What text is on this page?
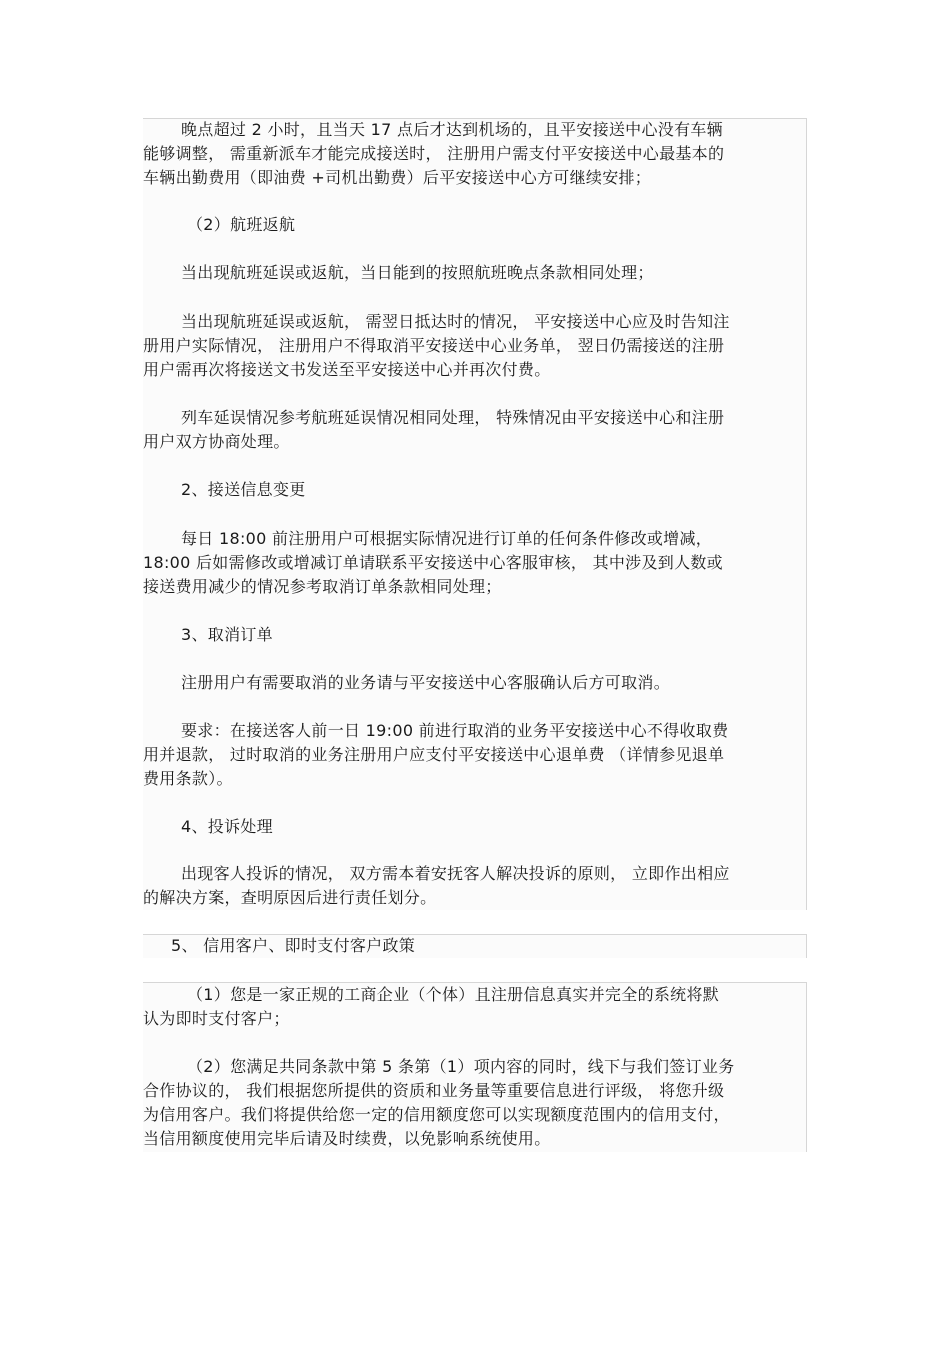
晚点超过 2 小时，且当天 17 点后才达到机场的，且平安接送中心没有车辆
能够调整， 需重新派车才能完成接送时， 注册用户需支付平安接送中心最基本的
车辆出勤费用（即油费 +司机出勤费）后平安接送中心方可继续安排；

（2）航班返航

当出现航班延误或返航，当日能到的按照航班晚点条款相同处理；

当出现航班延误或返航， 需翌日抵达时的情况， 平安接送中心应及时告知注
册用户实际情况， 注册用户不得取消平安接送中心业务单， 翌日仍需接送的注册
用户需再次将接送文书发送至平安接送中心并再次付费。

列车延误情况参考航班延误情况相同处理， 特殊情况由平安接送中心和注册
用户双方协商处理。

2、接送信息变更

每日 18:00 前注册用户可根据实际情况进行订单的任何条件修改或增减，
18:00 后如需修改或增减订单请联系平安接送中心客服审核， 其中涉及到人数或
接送费用减少的情况参考取消订单条款相同处理；

3、取消订单

注册用户有需要取消的业务请与平安接送中心客服确认后方可取消。

要求：在接送客人前一日 19:00 前进行取消的业务平安接送中心不得收取费
用并退款， 过时取消的业务注册用户应支付平安接送中心退单费 （详情参见退单
费用条款）。

4、投诉处理

出现客人投诉的情况， 双方需本着安抚客人解决投诉的原则， 立即作出相应
的解决方案，查明原因后进行责任划分。

5、 信用客户、即时支付客户政策

（1）您是一家正规的工商企业（个体）且注册信息真实并完全的系统将默
认为即时支付客户；

（2）您满足共同条款中第 5 条第（1）项内容的同时，线下与我们签订业务
合作协议的， 我们根据您所提供的资质和业务量等重要信息进行评级， 将您升级
为信用客户。我们将提供给您一定的信用额度您可以实现额度范围内的信用支付，
当信用额度使用完毕后请及时续费，以免影响系统使用。
